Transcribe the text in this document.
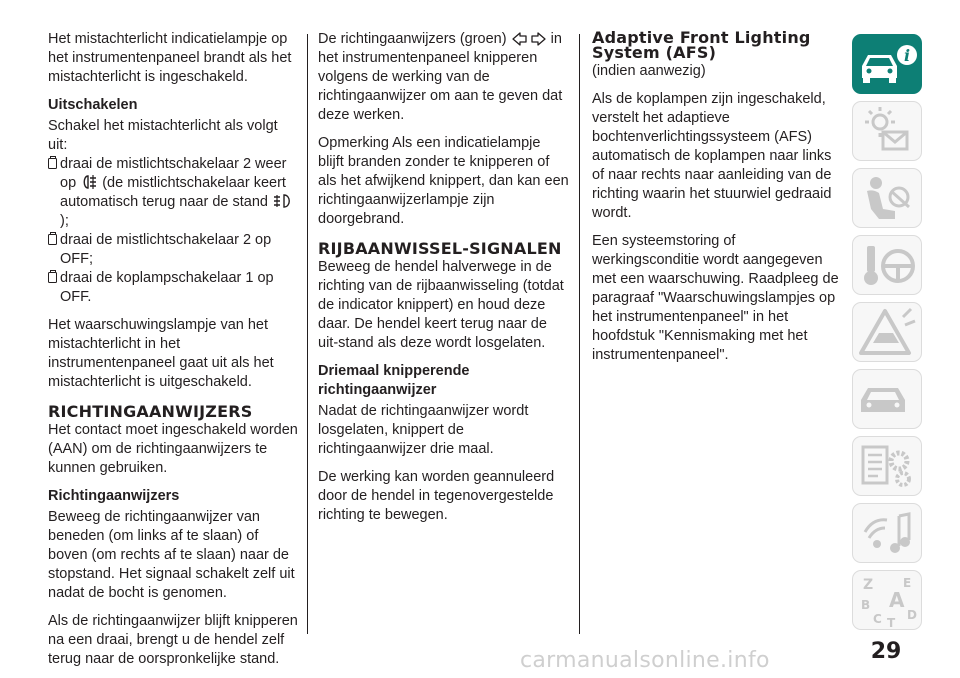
Het mistachterlicht indicatielampje op het instrumentenpaneel brandt als het mistachterlicht is ingeschakeld.

Uitschakelen

Schakel het mistachterlicht als volgt uit:

draai de mistlichtschakelaar 2 weer op (de mistlichtschakelaar keert automatisch terug naar de stand  );
draai de mistlichtschakelaar 2 op OFF;
draai de koplampschakelaar 1 op OFF.

Het waarschuwingslampje van het mistachterlicht in het instrumentenpaneel gaat uit als het mistachterlicht is uitgeschakeld.

RICHTINGAANWIJZERS

Het contact moet ingeschakeld worden (AAN) om de richtingaanwijzers te kunnen gebruiken.

Richtingaanwijzers

Beweeg de richtingaanwijzer van beneden (om links af te slaan) of boven (om rechts af te slaan) naar de stopstand. Het signaal schakelt zelf uit nadat de bocht is genomen.

Als de richtingaanwijzer blijft knipperen na een draai, brengt u de hendel zelf terug naar de oorspronkelijke stand.

De richtingaanwijzers (groen)	in het instrumentenpaneel knipperen volgens de werking van de richtingaanwijzer om aan te geven dat deze werken.

Opmerking Als een indicatielampje blijft branden zonder te knipperen of als het afwijkend knippert, dan kan een richtingaanwijzerlampje zijn doorgebrand.

RIJBAANWISSEL-SIGNALEN

Beweeg de hendel halverwege in de richting van de rijbaanwisseling (totdat de indicator knippert) en houd deze daar. De hendel keert terug naar de uit-stand als deze wordt losgelaten.

Driemaal knipperende richtingaanwijzer

Nadat de richtingaanwijzer wordt losgelaten, knippert de richtingaanwijzer drie maal.

De werking kan worden geannuleerd door de hendel in tegenovergestelde richting te bewegen.

Adaptive Front Lighting System (AFS)

(indien aanwezig)

Als de koplampen zijn ingeschakeld, verstelt het adaptieve bochtenverlichtingssysteem (AFS) automatisch de koplampen naar links of naar rechts naar aanleiding van de richting waarin het stuurwiel gedraaid wordt.

Een systeemstoring of werkingsconditie wordt aangegeven met een waarschuwing. Raadpleeg de paragraaf "Waarschuwingslampjes op het instrumentenpaneel" in het hoofdstuk "Kennismaking met het instrumentenpaneel".

i
Z E
B A
C T
D
29
carmanualsonline.info
